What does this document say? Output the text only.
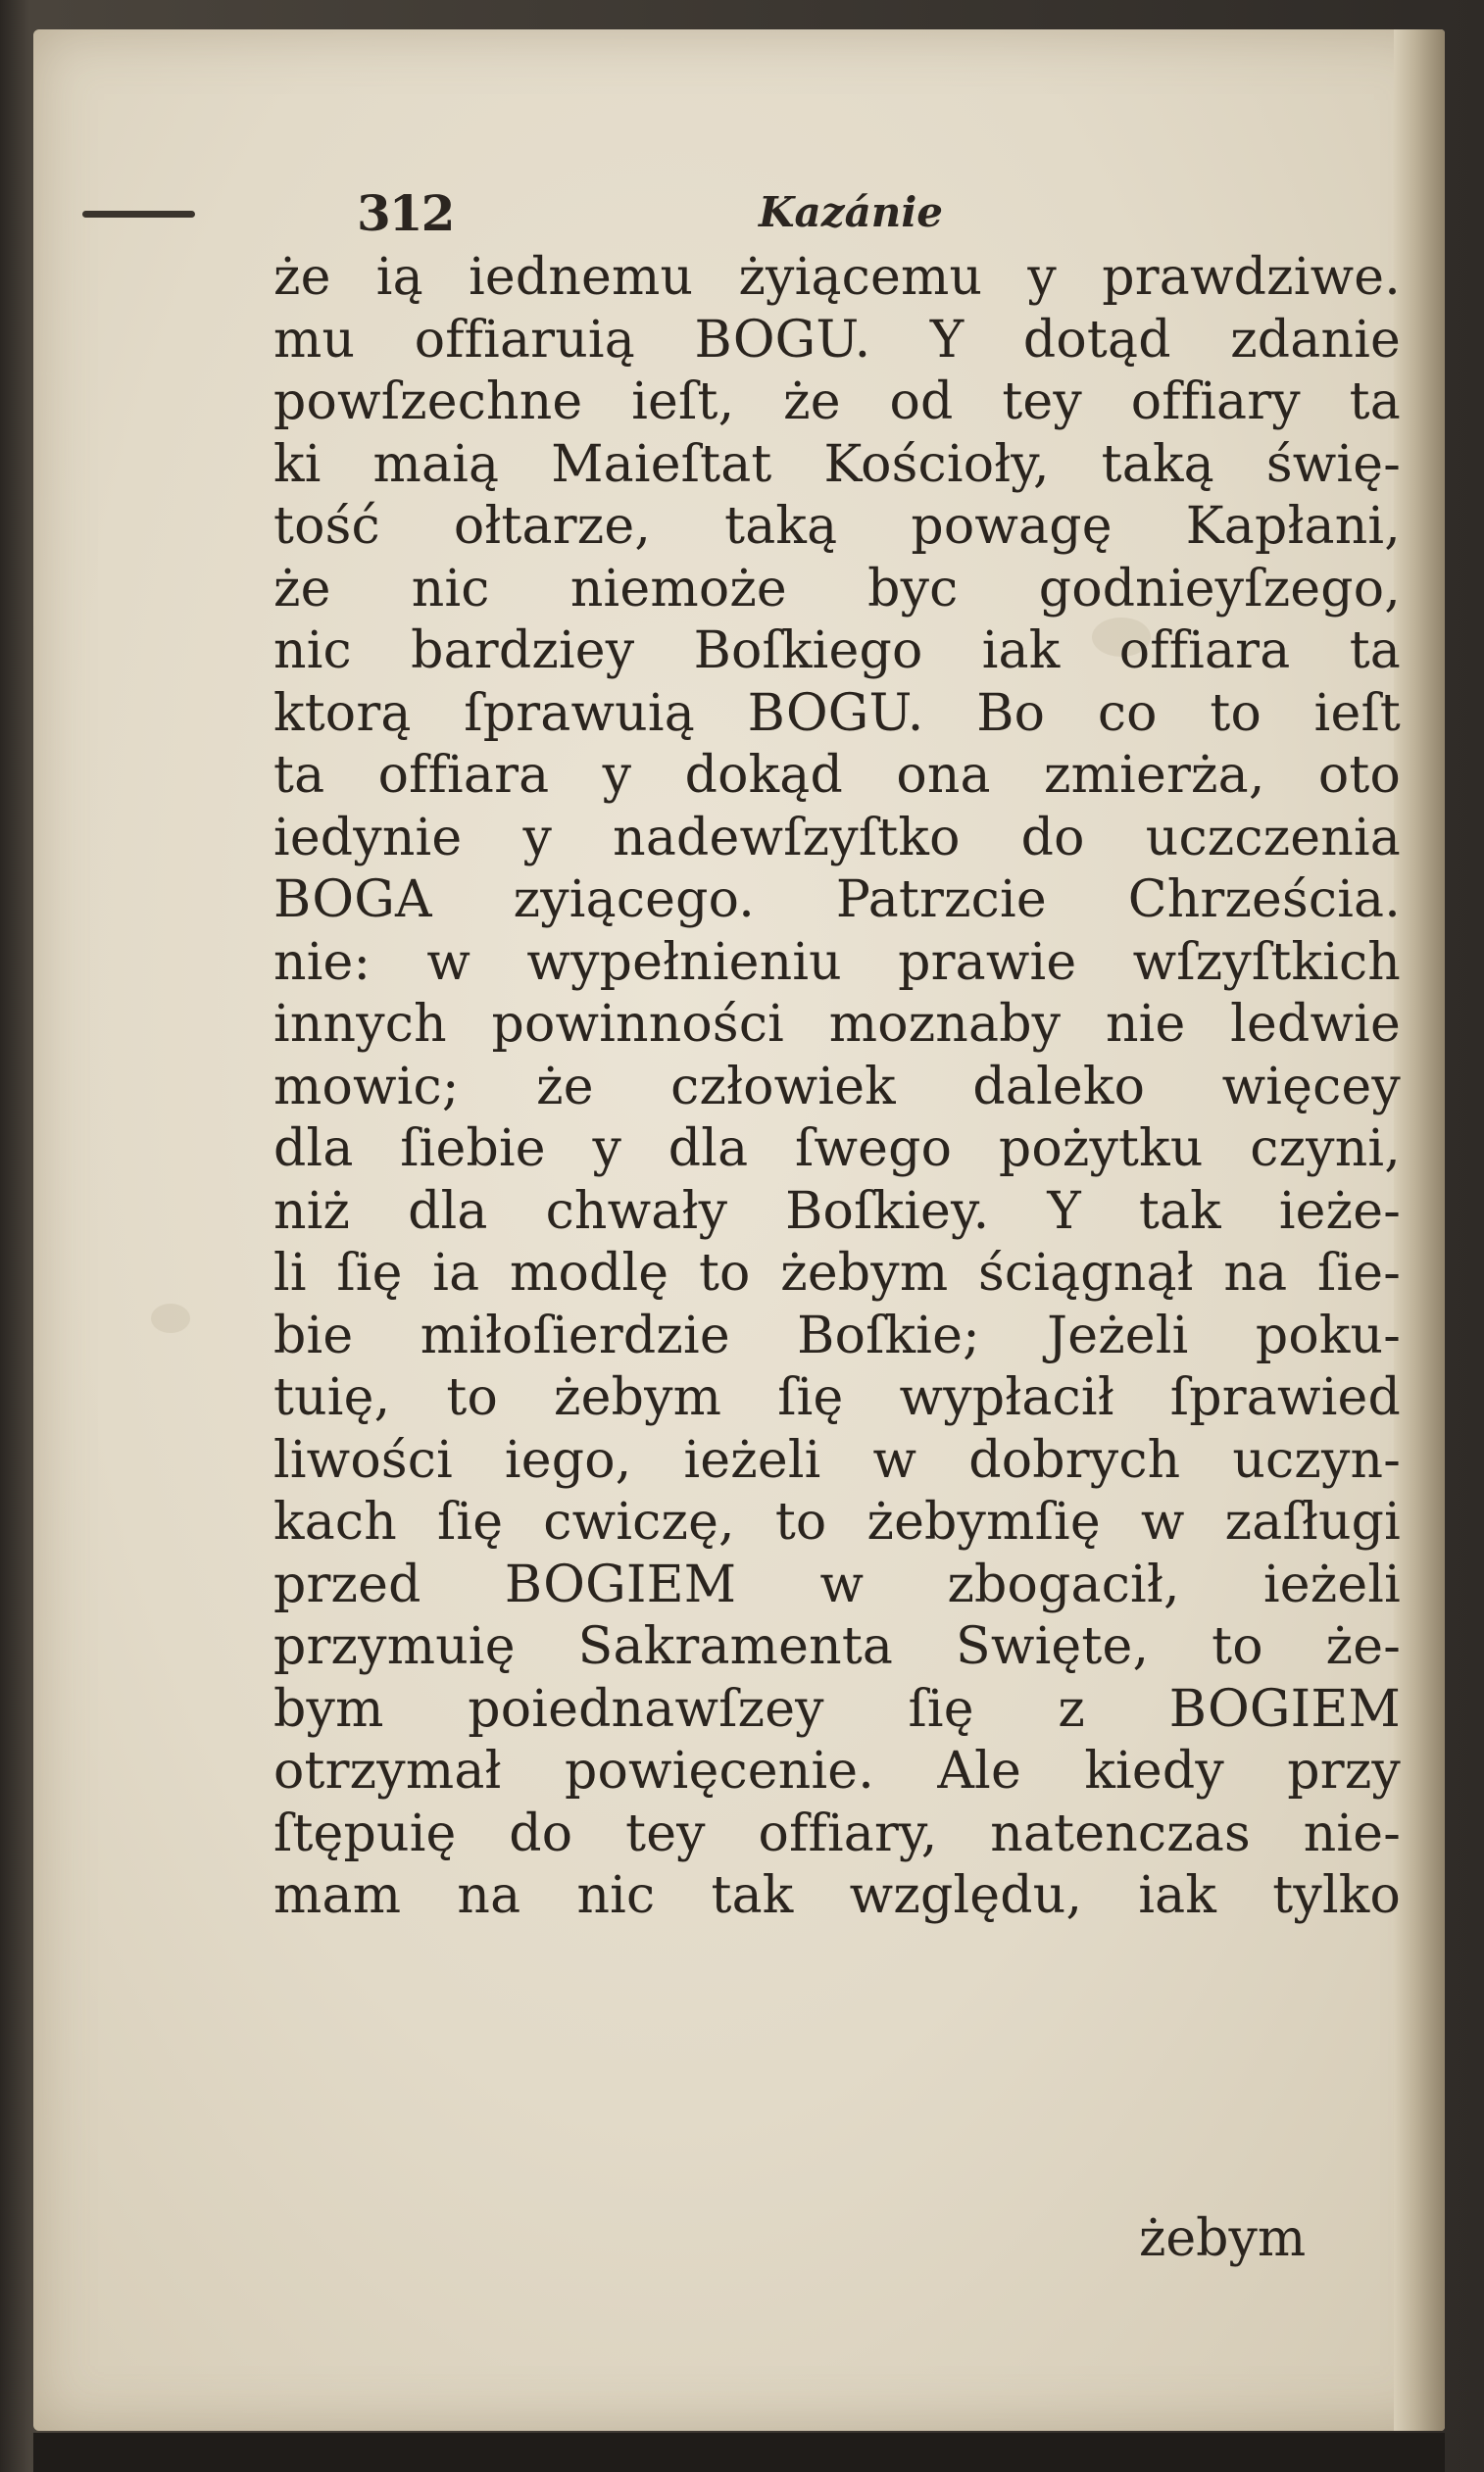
312	Kazánie
że ią iednemu żyiącemu y prawdziwe.
mu offiaruią BOGU. Y dotąd zdanie
powſzechne ieſt, że od tey offiary ta
ki maią Maieſtat Kościoły, taką świę-
tość ołtarze, taką powagę Kapłani,
że nic niemoże byc godnieyſzego,
nic bardziey Boſkiego iak offiara ta
ktorą ſprawuią BOGU. Bo co to ieſt
ta offiara y dokąd ona zmierża, oto
iedynie y nadewſzyſtko do uczczenia
BOGA zyiącego. Patrzcie Chrześcia.
nie: w wypełnieniu prawie wſzyſtkich
innych powinności moznaby nie ledwie
mowic; że człowiek daleko więcey
dla ſiebie y dla ſwego pożytku czyni,
niż dla chwały Boſkiey. Y tak ieże-
li ſię ia modlę to żebym ściągnął na ſie-
bie miłoſierdzie Boſkie; Jeżeli poku-
tuię, to żebym ſię wypłacił ſprawied
liwości iego, ieżeli w dobrych uczyn-
kach ſię cwiczę, to żebymſię w zaſługi
przed BOGIEM w zbogacił, ieżeli
przymuię Sakramenta Swięte, to że-
bym poiednawſzey ſię z BOGIEM
otrzymał powięcenie. Ale kiedy przy
ſtępuię do tey offiary, natenczas nie-
mam na nic tak względu, iak tylko
żebym
